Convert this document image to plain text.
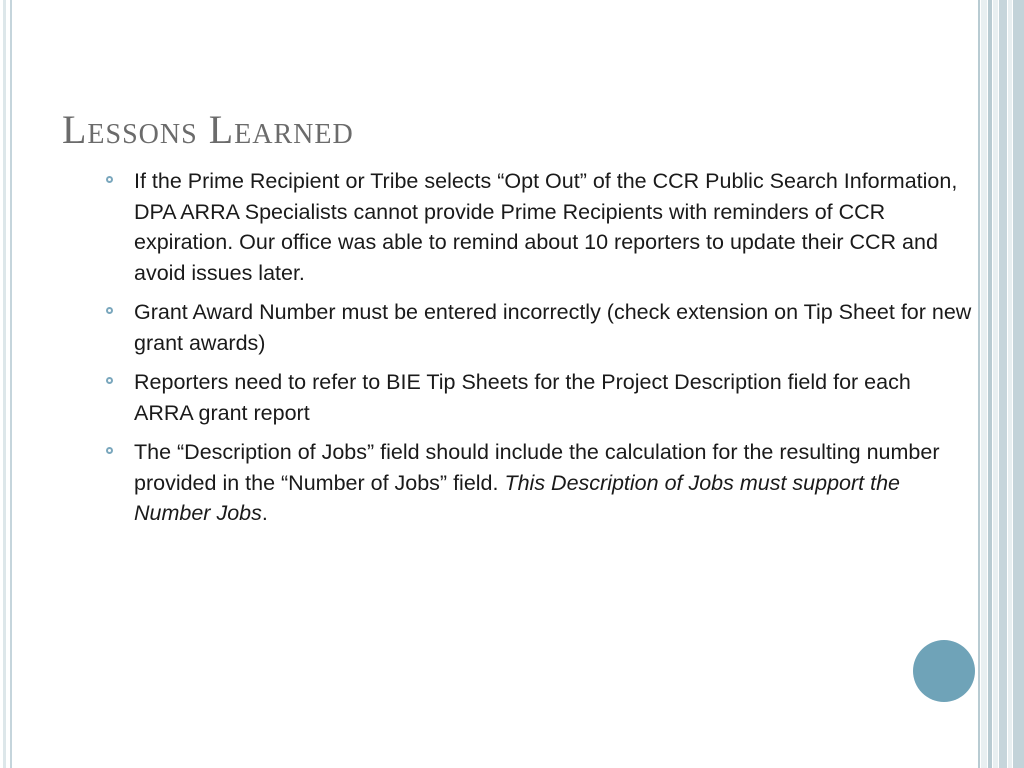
Lessons Learned
If the Prime Recipient or Tribe selects “Opt Out” of the CCR Public Search Information, DPA ARRA Specialists cannot provide Prime Recipients with reminders of CCR expiration. Our office was able to remind about 10 reporters to update their CCR and avoid issues later.
Grant Award Number must be entered incorrectly (check extension on Tip Sheet for new grant awards)
Reporters need to refer to BIE Tip Sheets for the Project Description field for each ARRA grant report
The “Description of Jobs” field should include the calculation for the resulting number provided in the “Number of Jobs” field. This Description of Jobs must support the Number Jobs.
